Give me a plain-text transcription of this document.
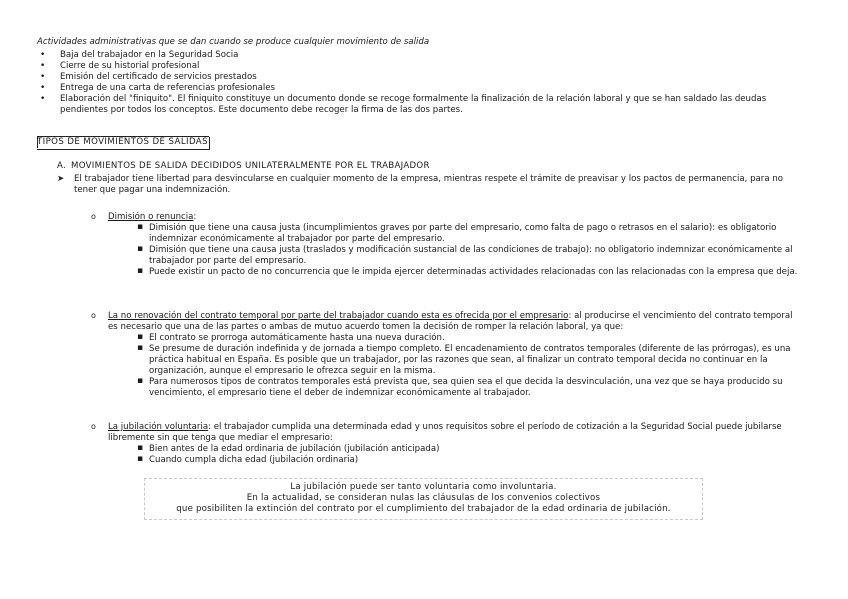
Actividades administrativas que se dan cuando se produce cualquier movimiento de salida
• Baja del trabajador en la Seguridad Socia
• Cierre de su historial profesional
• Emisión del certificado de servicios prestados
• Entrega de una carta de referencias profesionales
• Elaboración del "finiquito". El finiquito constituye un documento donde se recoge formalmente la finalización de la relación laboral y que se han saldado las deudas pendientes por todos los conceptos. Este documento debe recoger la firma de las dos partes.
TIPOS DE MOVIMIENTOS DE SALIDAS
A. MOVIMIENTOS DE SALIDA DECIDIDOS UNILATERALMENTE POR EL TRABAJADOR
➤ El trabajador tiene libertad para desvincularse en cualquier momento de la empresa, mientras respete el trámite de preavisar y los pactos de permanencia, para no tener que pagar una indemnización.
o Dimisión o renuncia:
▪ Dimisión que tiene una causa justa (incumplimientos graves por parte del empresario, como falta de pago o retrasos en el salario): es obligatorio indemnizar económicamente al trabajador por parte del empresario.
▪ Dimisión que tiene una causa justa (traslados y modificación sustancial de las condiciones de trabajo): no obligatorio indemnizar económicamente al trabajador por parte del empresario.
▪ Puede existir un pacto de no concurrencia que le impida ejercer determinadas actividades relacionadas con las relacionadas con la empresa que deja.
o La no renovación del contrato temporal por parte del trabajador cuando esta es ofrecida por el empresario: al producirse el vencimiento del contrato temporal es necesario que una de las partes o ambas de mutuo acuerdo tomen la decisión de romper la relación laboral, ya que:
▪ El contrato se prorroga automáticamente hasta una nueva duración.
▪ Se presume de duración indefinida y de jornada a tiempo completo. El encadenamiento de contratos temporales (diferente de las prórrogas), es una práctica habitual en España. Es posible que un trabajador, por las razones que sean, al finalizar un contrato temporal decida no continuar en la organización, aunque el empresario le ofrezca seguir en la misma.
▪ Para numerosos tipos de contratos temporales está prevista que, sea quien sea el que decida la desvinculación, una vez que se haya producido su vencimiento, el empresario tiene el deber de indemnizar económicamente al trabajador.
o La jubilación voluntaria: el trabajador cumplida una determinada edad y unos requisitos sobre el período de cotización a la Seguridad Social puede jubilarse libremente sin que tenga que mediar el empresario:
▪ Bien antes de la edad ordinaria de jubilación (jubilación anticipada)
▪ Cuando cumpla dicha edad (jubilación ordinaria)
La jubilación puede ser tanto voluntaria como involuntaria.
En la actualidad, se consideran nulas las cláusulas de los convenios colectivos
que posibiliten la extinción del contrato por el cumplimiento del trabajador de la edad ordinaria de jubilación.
